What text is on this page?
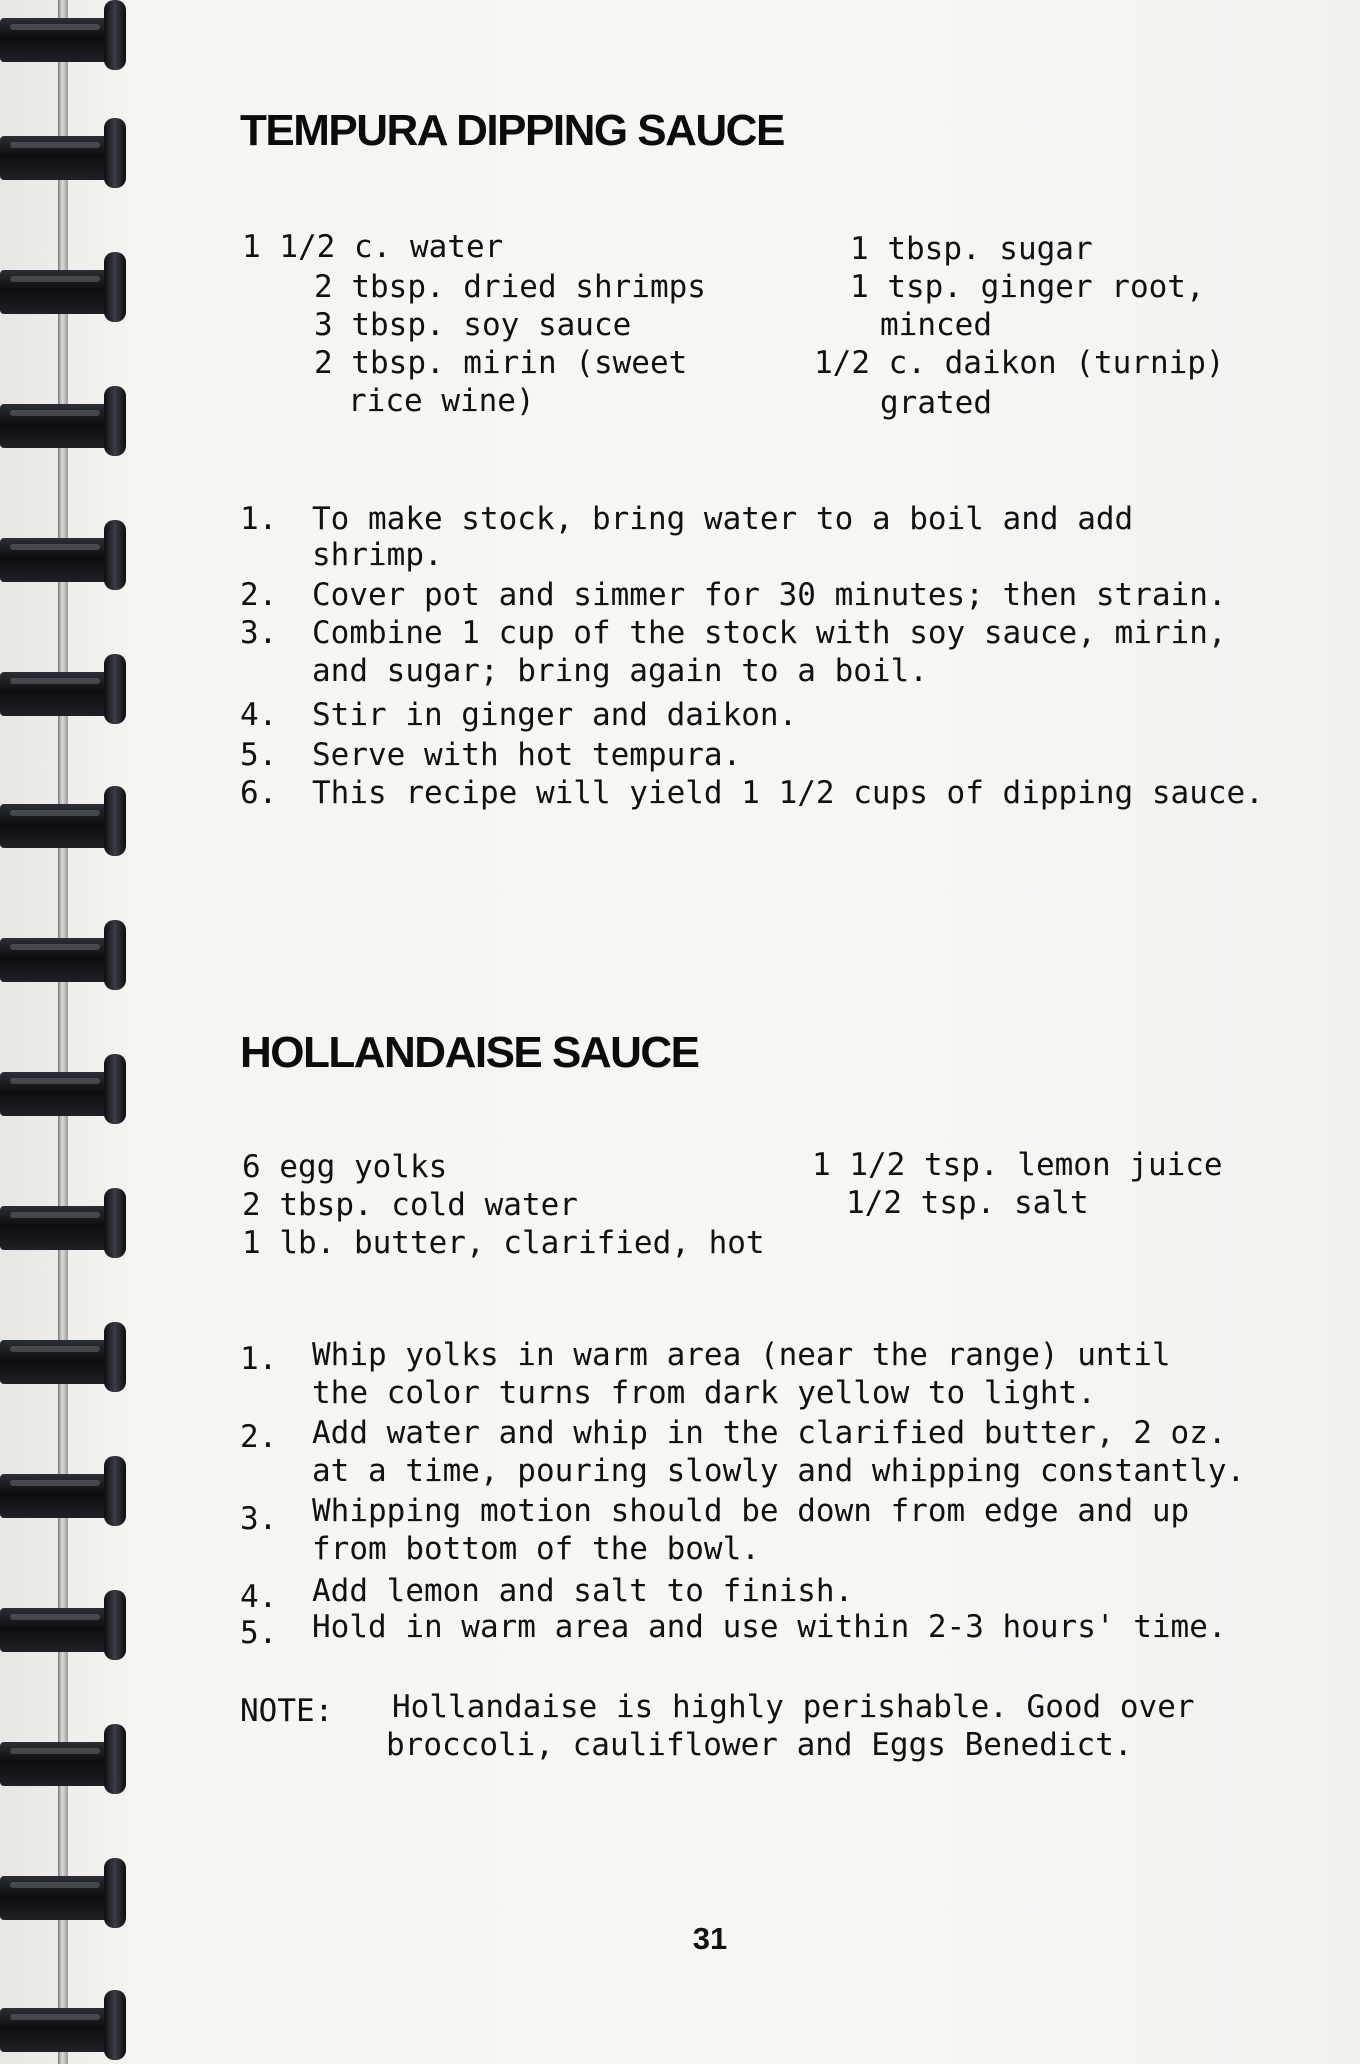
TEMPURA DIPPING SAUCE
1 1/2 c. water
2 tbsp. dried shrimps
3 tbsp. soy sauce
2 tbsp. mirin (sweet
rice wine)
1 tbsp. sugar
1 tsp. ginger root,
minced
1/2 c. daikon (turnip)
grated
1.	To make stock, bring water to a boil and add
shrimp.
2.	Cover pot and simmer for 30 minutes; then strain.
3.	Combine 1 cup of the stock with soy sauce, mirin,
and sugar; bring again to a boil.
4.	Stir in ginger and daikon.
5.	Serve with hot tempura.
6.	This recipe will yield 1 1/2 cups of dipping sauce.
HOLLANDAISE SAUCE
6 egg yolks
2 tbsp. cold water
1 lb. butter, clarified, hot
1 1/2 tsp. lemon juice
1/2 tsp. salt
1.	Whip yolks in warm area (near the range) until
the color turns from dark yellow to light.
2.	Add water and whip in the clarified butter, 2 oz.
at a time, pouring slowly and whipping constantly.
3.	Whipping motion should be down from edge and up
from bottom of the bowl.
4.	Add lemon and salt to finish.
5.	Hold in warm area and use within 2-3 hours' time.
NOTE: Hollandaise is highly perishable. Good over
broccoli, cauliflower and Eggs Benedict.
31
